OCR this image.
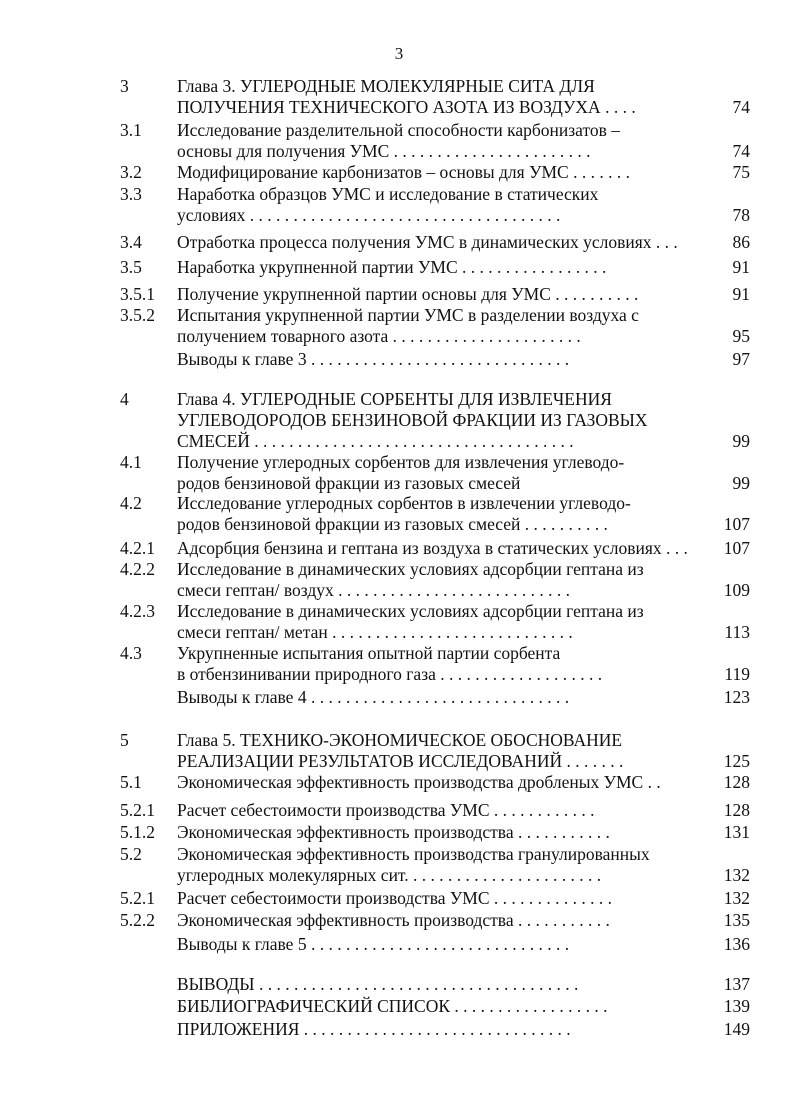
3
3	Глава 3. УГЛЕРОДНЫЕ МОЛЕКУЛЯРНЫЕ СИТА ДЛЯ
ПОЛУЧЕНИЯ ТЕХНИЧЕСКОГО АЗОТА ИЗ ВОЗДУХА . . . .	74
3.1 Исследование разделительной способности карбонизатов –
основы для получения УМС . . . . . . . . . . . . . . . . . . . . . . .	74
3.2 Модифицирование карбонизатов – основы для УМС . . . . . . .	75
3.3 Наработка образцов УМС и исследование в статических
условиях . . . . . . . . . . . . . . . . . . . . . . . . . . . . . . . . . . . .	78
3.4 Отработка процесса получения УМС в динамических условиях . . .	86
3.5 Наработка укрупненной партии УМС . . . . . . . . . . . . . . . . .	91
3.5.1 Получение укрупненной партии основы для УМС . . . . . . . . . .	91
3.5.2 Испытания укрупненной партии УМС в разделении воздуха с
получением товарного азота . . . . . . . . . . . . . . . . . . . . . .	95
Выводы к главе 3 . . . . . . . . . . . . . . . . . . . . . . . . . . . . . .	97
4	Глава 4. УГЛЕРОДНЫЕ СОРБЕНТЫ ДЛЯ ИЗВЛЕЧЕНИЯ
УГЛЕВОДОРОДОВ БЕНЗИНОВОЙ ФРАКЦИИ ИЗ ГАЗОВЫХ
СМЕСЕЙ . . . . . . . . . . . . . . . . . . . . . . . . . . . . . . . . . . . . .	99
4.1 Получение углеродных сорбентов для извлечения углеводо-
родов бензиновой фракции из газовых смесей	99
4.2 Исследование углеродных сорбентов в извлечении углеводо-
родов бензиновой фракции из газовых смесей . . . . . . . . . .	107
4.2.1 Адсорбция бензина и гептана из воздуха в статических условиях . . .	107
4.2.2 Исследование в динамических условиях адсорбции гептана из
смеси гептан/ воздух . . . . . . . . . . . . . . . . . . . . . . . . . . .	109
4.2.3 Исследование в динамических условиях адсорбции гептана из
смеси гептан/ метан . . . . . . . . . . . . . . . . . . . . . . . . . . . .	113
4.3 Укрупненные испытания опытной партии сорбента
в отбензинивании природного газа . . . . . . . . . . . . . . . . . . .	119
Выводы к главе 4 . . . . . . . . . . . . . . . . . . . . . . . . . . . . . .	123
5	Глава 5. ТЕХНИКО-ЭКОНОМИЧЕСКОЕ ОБОСНОВАНИЕ
РЕАЛИЗАЦИИ РЕЗУЛЬТАТОВ ИССЛЕДОВАНИЙ . . . . . . .	125
5.1 Экономическая эффективность производства дробленых УМС . .	128
5.2.1 Расчет себестоимости производства УМС . . . . . . . . . . . .	128
5.1.2 Экономическая эффективность производства . . . . . . . . . . .	131
5.2 Экономическая эффективность производства гранулированных
углеродных молекулярных сит. . . . . . . . . . . . . . . . . . . . . . .	132
5.2.1 Расчет себестоимости производства УМС . . . . . . . . . . . . . .	132
5.2.2 Экономическая эффективность производства . . . . . . . . . . .	135
Выводы к главе 5 . . . . . . . . . . . . . . . . . . . . . . . . . . . . . .	136
ВЫВОДЫ . . . . . . . . . . . . . . . . . . . . . . . . . . . . . . . . . . . . .	137
БИБЛИОГРАФИЧЕСКИЙ СПИСОК . . . . . . . . . . . . . . . . . .	139
ПРИЛОЖЕНИЯ . . . . . . . . . . . . . . . . . . . . . . . . . . . . . . .	149
